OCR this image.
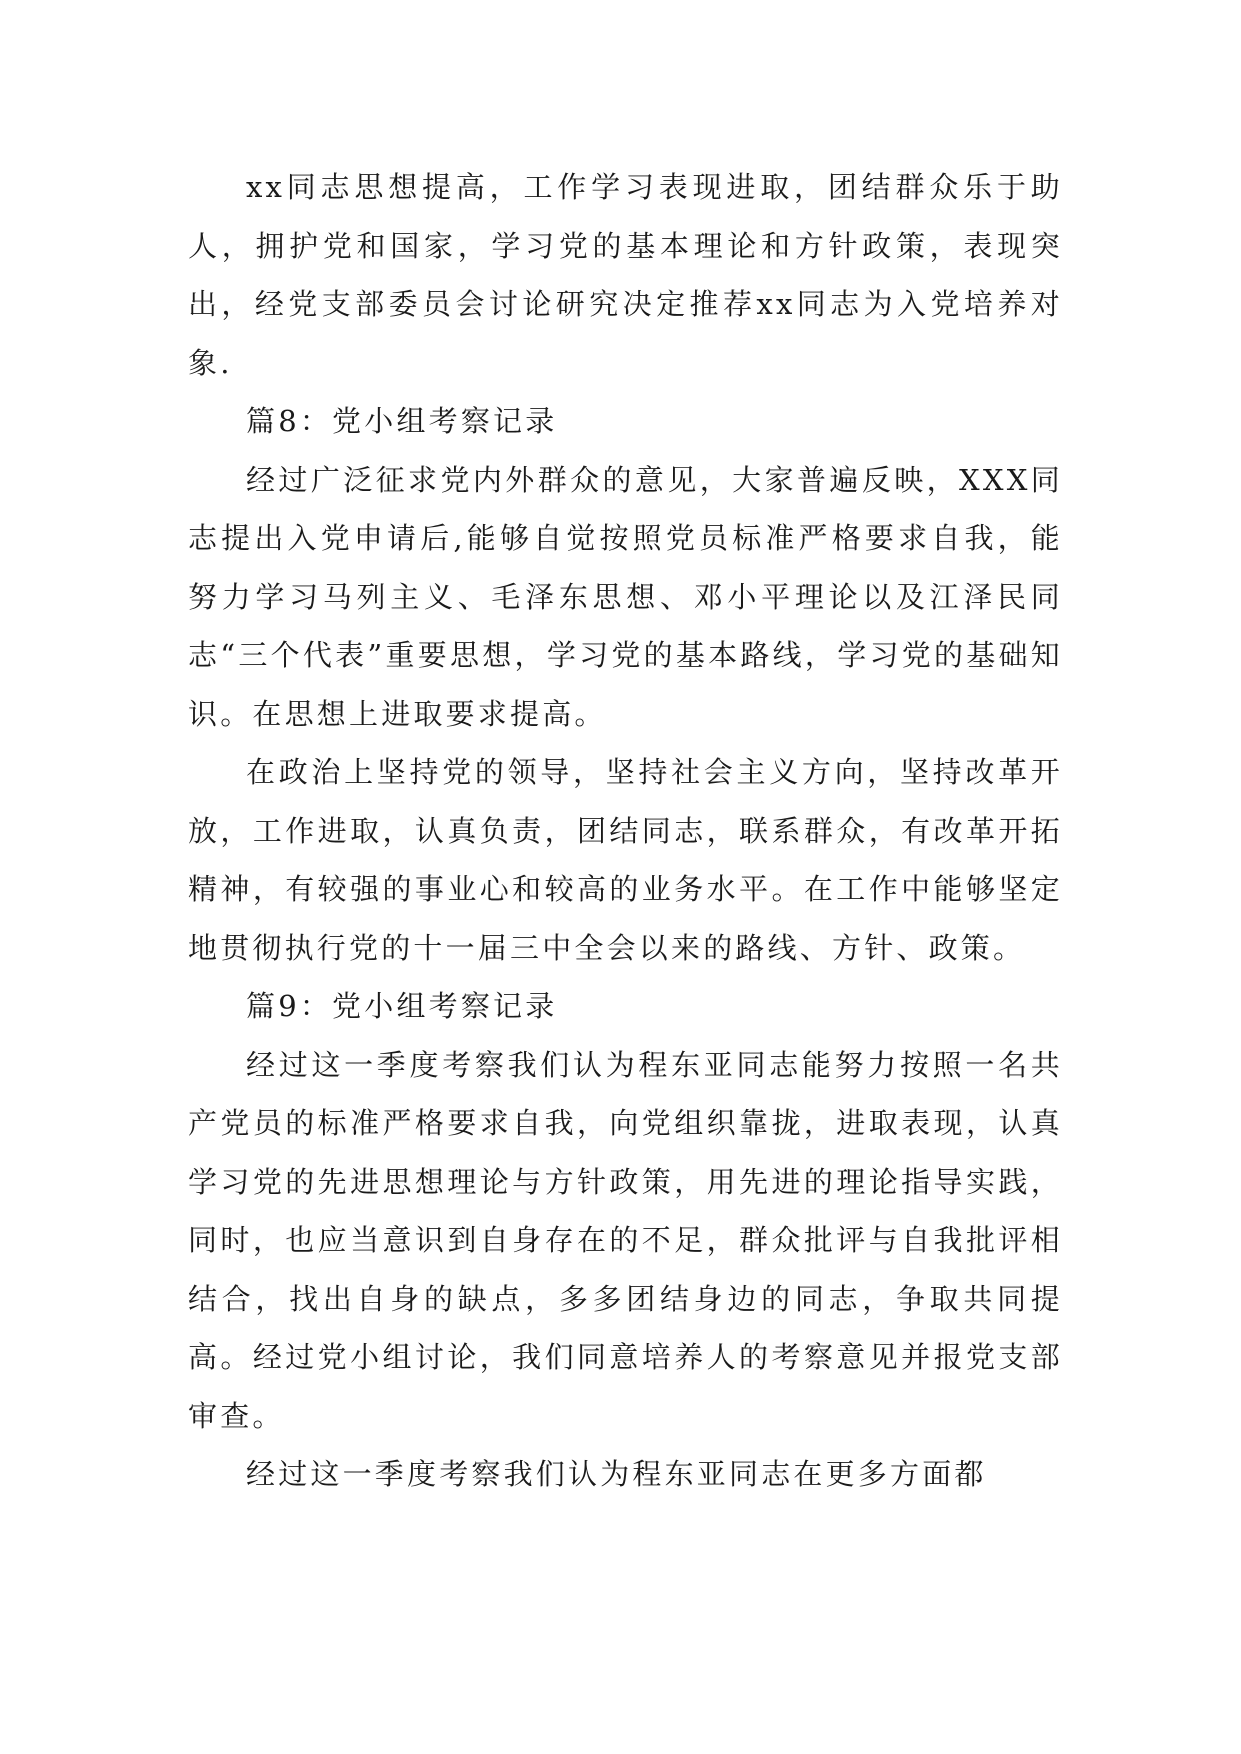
xx同志思想提高，工作学习表现进取，团结群众乐于助人，拥护党和国家，学习党的基本理论和方针政策，表现突出，经党支部委员会讨论研究决定推荐xx同志为入党培养对象.

篇8：党小组考察记录

经过广泛征求党内外群众的意见，大家普遍反映，XXX同志提出入党申请后,能够自觉按照党员标准严格要求自我，能努力学习马列主义、毛泽东思想、邓小平理论以及江泽民同志“三个代表”重要思想，学习党的基本路线，学习党的基础知识。在思想上进取要求提高。

在政治上坚持党的领导，坚持社会主义方向，坚持改革开放，工作进取，认真负责，团结同志，联系群众，有改革开拓精神，有较强的事业心和较高的业务水平。在工作中能够坚定地贯彻执行党的十一届三中全会以来的路线、方针、政策。

篇9：党小组考察记录

经过这一季度考察我们认为程东亚同志能努力按照一名共产党员的标准严格要求自我，向党组织靠拢，进取表现，认真学习党的先进思想理论与方针政策，用先进的理论指导实践，同时，也应当意识到自身存在的不足，群众批评与自我批评相结合，找出自身的缺点，多多团结身边的同志，争取共同提高。经过党小组讨论，我们同意培养人的考察意见并报党支部审查。

经过这一季度考察我们认为程东亚同志在更多方面都
